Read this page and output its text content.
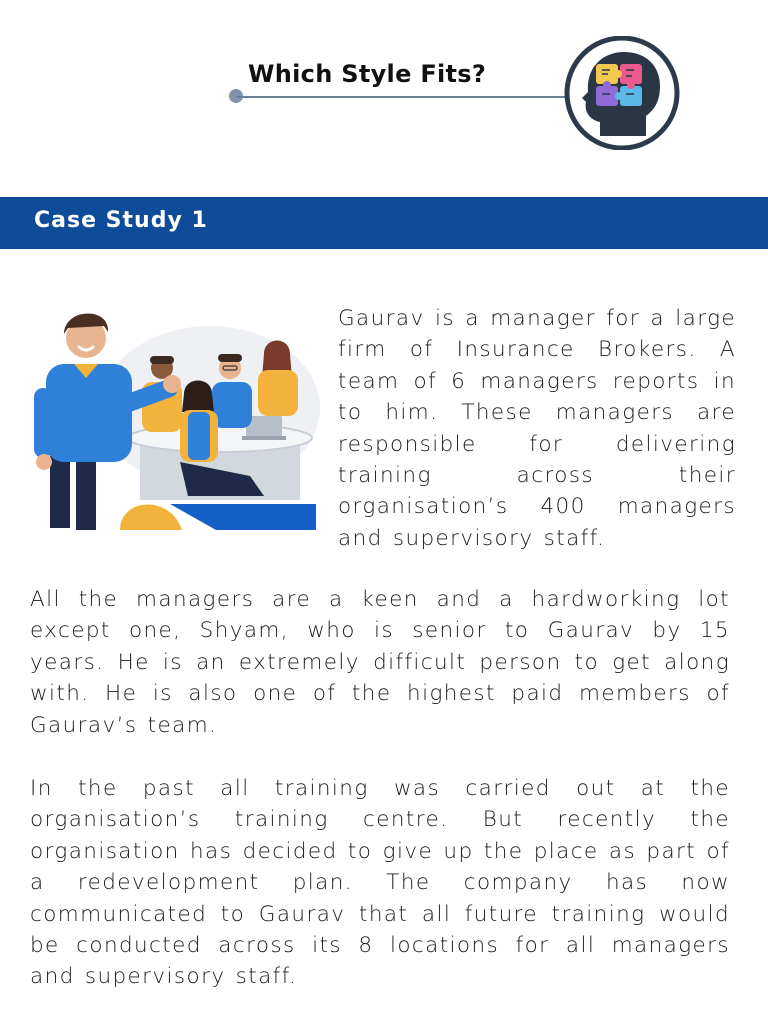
Which Style Fits?
Case Study 1

Gaurav is a manager for a large firm of Insurance Brokers. A team of 6 managers reports in to him. These managers are responsible for delivering training across their organisation’s 400 managers and supervisory staff.

All the managers are a keen and a hardworking lot except one, Shyam, who is senior to Gaurav by 15 years. He is an extremely difficult person to get along with. He is also one of the highest paid members of Gaurav’s team.

In the past all training was carried out at the organisation’s training centre. But recently the organisation has decided to give up the place as part of a redevelopment plan. The company has now communicated to Gaurav that all future training would be conducted across its 8 locations for all managers and supervisory staff.
